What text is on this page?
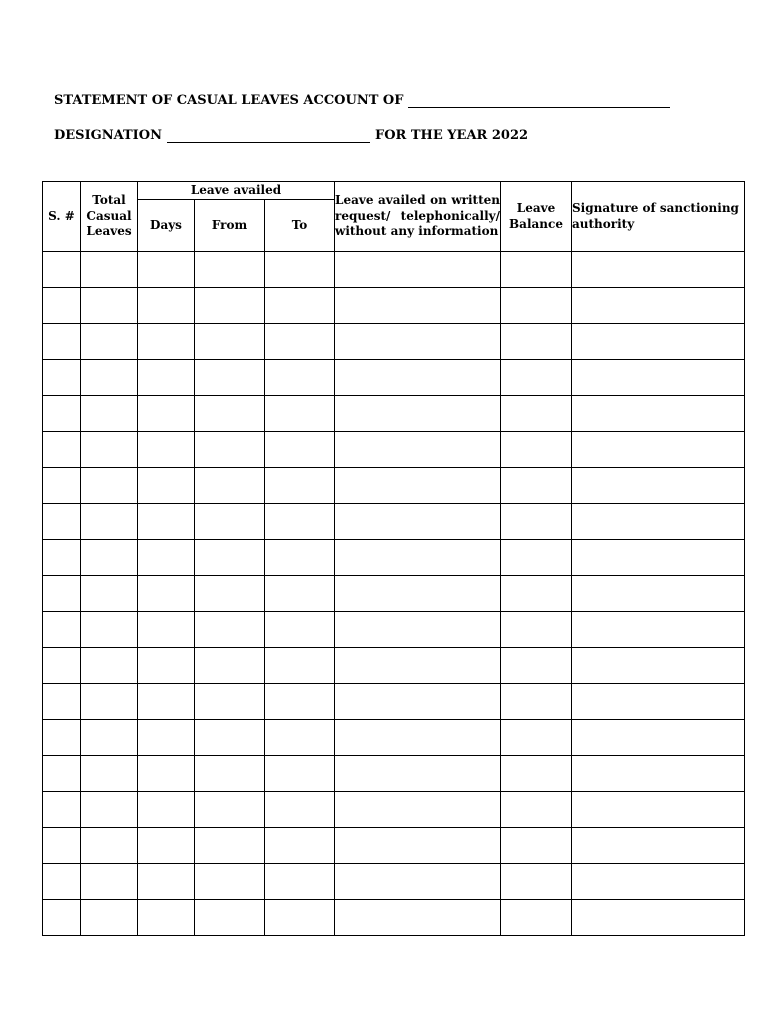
STATEMENT OF CASUAL LEAVES ACCOUNT OF
DESIGNATION	FOR THE YEAR 2022
S. #	Total Casual Leaves	Leave availed			Leave availed on written request/ telephonically/ without any information	Leave Balance	Signature of sanctioning authority
		Days	From	To			
